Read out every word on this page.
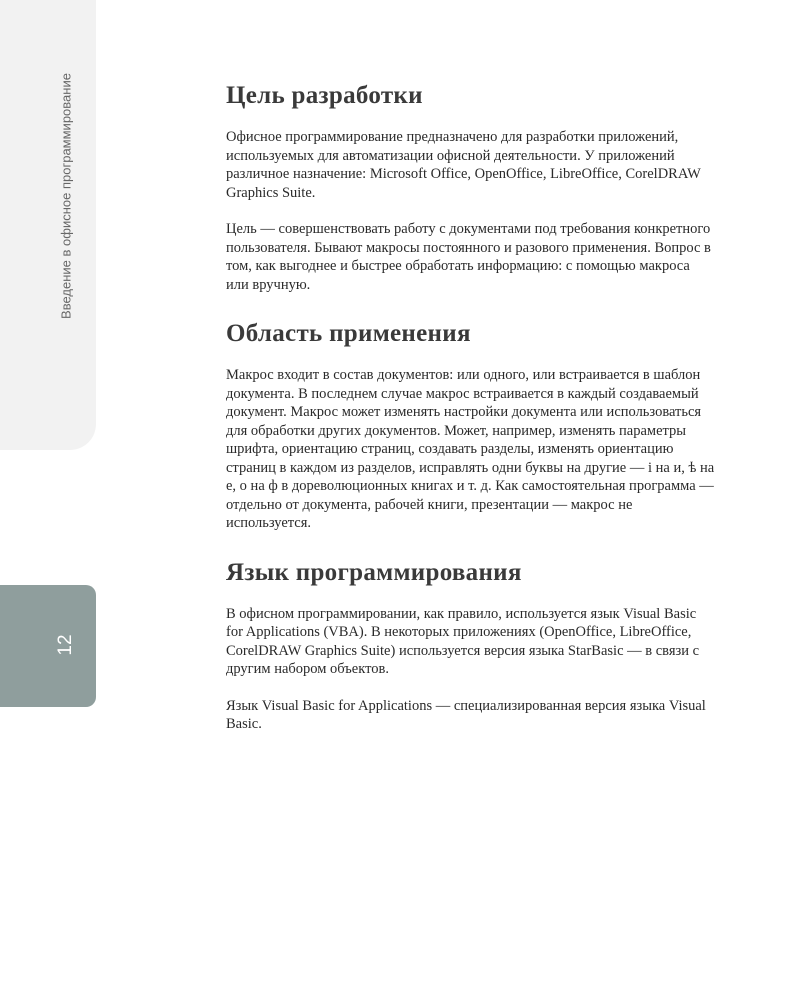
Введение в офисное программирование
12
Цель разработки

Офисное программирование предназначено для разработки приложений, используемых для автоматизации офисной деятельности. У приложений различное назначение: Microsoft Office, OpenOffice, LibreOffice, CorelDRAW Graphics Suite.

Цель — совершенствовать работу с документами под требования конкретного пользователя. Бывают макросы постоянного и разового применения. Вопрос в том, как выгоднее и быстрее обработать информацию: с помощью макроса или вручную.

Область применения

Макрос входит в состав документов: или одного, или встраивается в шаблон документа. В последнем случае макрос встраивается в каждый создаваемый документ. Макрос может изменять настройки документа или использоваться для обработки других документов. Может, например, изменять параметры шрифта, ориентацию страниц, создавать разделы, изменять ориентацию страниц в каждом из разделов, исправлять одни буквы на другие — і на и, ѣ на е, о на ф в дореволюционных книгах и т. д. Как самостоятельная программа — отдельно от документа, рабочей книги, презентации — макрос не используется.

Язык программирования

В офисном программировании, как правило, используется язык Visual Basic for Applications (VBA). В некоторых приложениях (OpenOffice, LibreOffice, CorelDRAW Graphics Suite) используется версия языка StarBasic — в связи с другим набором объектов.

Язык Visual Basic for Applications — специализированная версия языка Visual Basic.
